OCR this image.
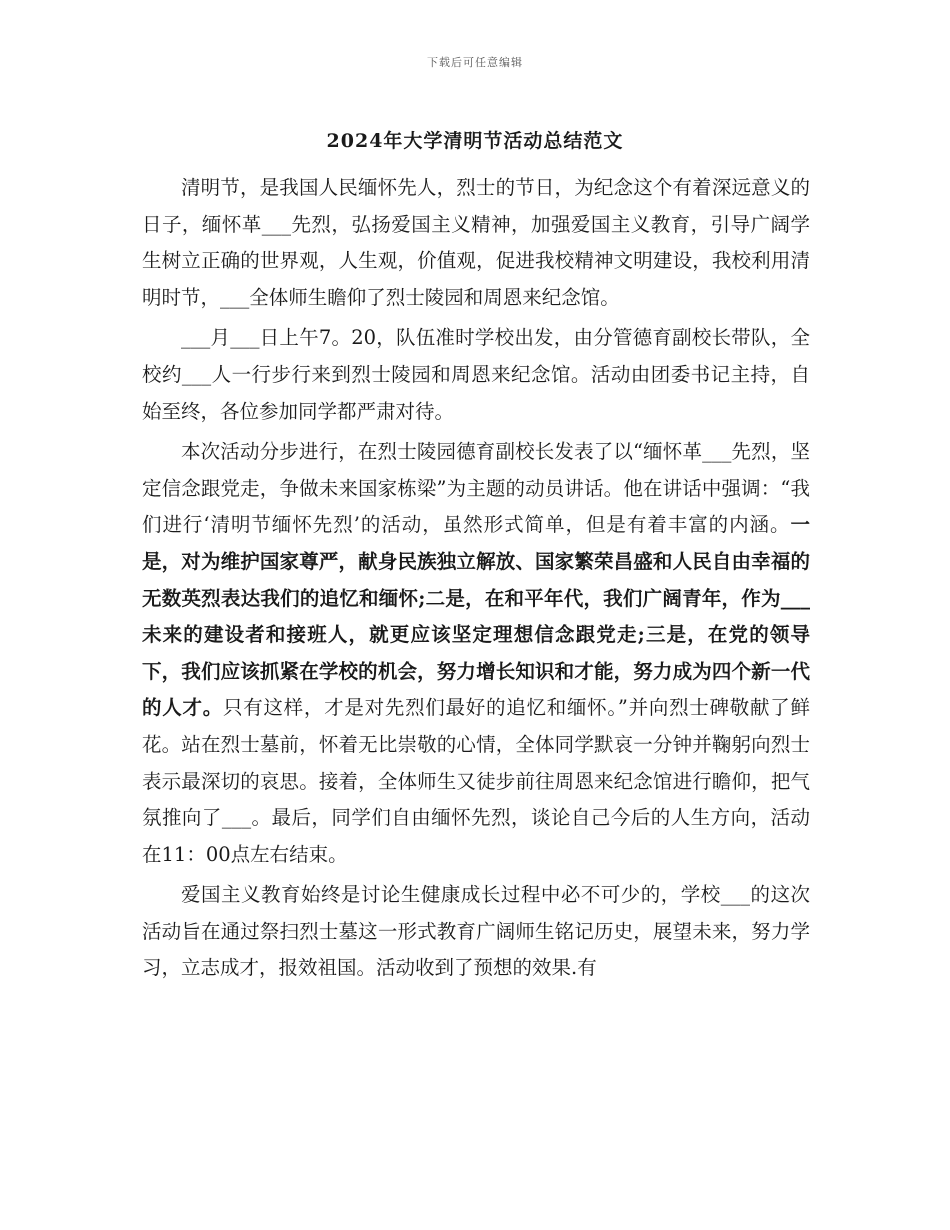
下载后可任意编辑
2024年大学清明节活动总结范文

清明节，是我国人民缅怀先人，烈士的节日，为纪念这个有着深远意义的日子，缅怀革___先烈，弘扬爱国主义精神，加强爱国主义教育，引导广阔学生树立正确的世界观，人生观，价值观，促进我校精神文明建设，我校利用清明时节，___全体师生瞻仰了烈士陵园和周恩来纪念馆。

___月___日上午7。20，队伍准时学校出发，由分管德育副校长带队，全校约___人一行步行来到烈士陵园和周恩来纪念馆。活动由团委书记主持，自始至终，各位参加同学都严肃对待。

本次活动分步进行，在烈士陵园德育副校长发表了以“缅怀革___先烈，坚定信念跟党走，争做未来国家栋梁”为主题的动员讲话。他在讲话中强调：“我们进行‘清明节缅怀先烈’的活动，虽然形式简单，但是有着丰富的内涵。一是，对为维护国家尊严，献身民族独立解放、国家繁荣昌盛和人民自由幸福的无数英烈表达我们的追忆和缅怀;二是，在和平年代，我们广阔青年，作为___未来的建设者和接班人，就更应该坚定理想信念跟党走;三是，在党的领导下，我们应该抓紧在学校的机会，努力增长知识和才能，努力成为四个新一代的人才。只有这样，才是对先烈们最好的追忆和缅怀。”并向烈士碑敬献了鲜花。站在烈士墓前，怀着无比崇敬的心情，全体同学默哀一分钟并鞠躬向烈士表示最深切的哀思。接着，全体师生又徒步前往周恩来纪念馆进行瞻仰，把气氛推向了___。最后，同学们自由缅怀先烈，谈论自己今后的人生方向，活动在11：00点左右结束。

爱国主义教育始终是讨论生健康成长过程中必不可少的，学校___的这次活动旨在通过祭扫烈士墓这一形式教育广阔师生铭记历史，展望未来，努力学习，立志成才，报效祖国。活动收到了预想的效果.有
